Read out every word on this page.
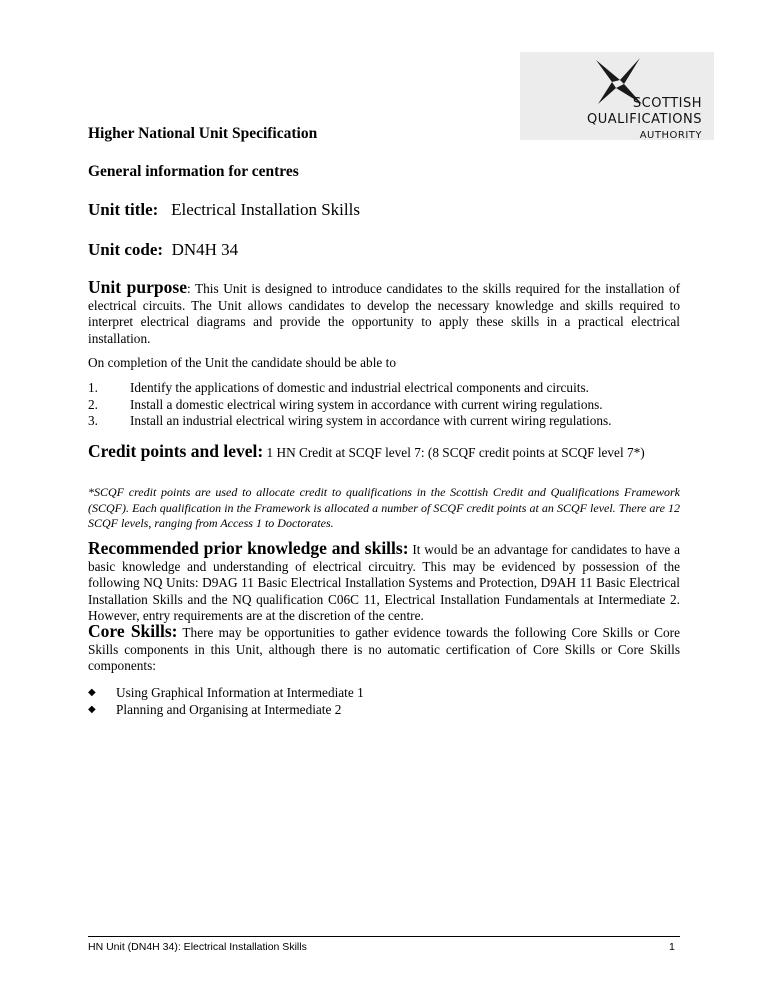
SCOTTISH
QUALIFICATIONS
AUTHORITY
Higher National Unit Specification
General information for centres
Unit title: Electrical Installation Skills
Unit code: DN4H 34
Unit purpose: This Unit is designed to introduce candidates to the skills required for the installation of electrical circuits. The Unit allows candidates to develop the necessary knowledge and skills required to interpret electrical diagrams and provide the opportunity to apply these skills in a practical electrical installation.
On completion of the Unit the candidate should be able to
1.	Identify the applications of domestic and industrial electrical components and circuits.
2.	Install a domestic electrical wiring system in accordance with current wiring regulations.
3.	Install an industrial electrical wiring system in accordance with current wiring regulations.
Credit points and level: 1 HN Credit at SCQF level 7: (8 SCQF credit points at SCQF level 7*)
*SCQF credit points are used to allocate credit to qualifications in the Scottish Credit and Qualifications Framework (SCQF). Each qualification in the Framework is allocated a number of SCQF credit points at an SCQF level. There are 12 SCQF levels, ranging from Access 1 to Doctorates.
Recommended prior knowledge and skills: It would be an advantage for candidates to have a basic knowledge and understanding of electrical circuitry. This may be evidenced by possession of the following NQ Units: D9AG 11 Basic Electrical Installation Systems and Protection, D9AH 11 Basic Electrical Installation Skills and the NQ qualification C06C 11, Electrical Installation Fundamentals at Intermediate 2. However, entry requirements are at the discretion of the centre.
Core Skills: There may be opportunities to gather evidence towards the following Core Skills or Core Skills components in this Unit, although there is no automatic certification of Core Skills or Core Skills components:
◆	Using Graphical Information at Intermediate 1
◆	Planning and Organising at Intermediate 2
HN Unit (DN4H 34): Electrical Installation Skills	1
